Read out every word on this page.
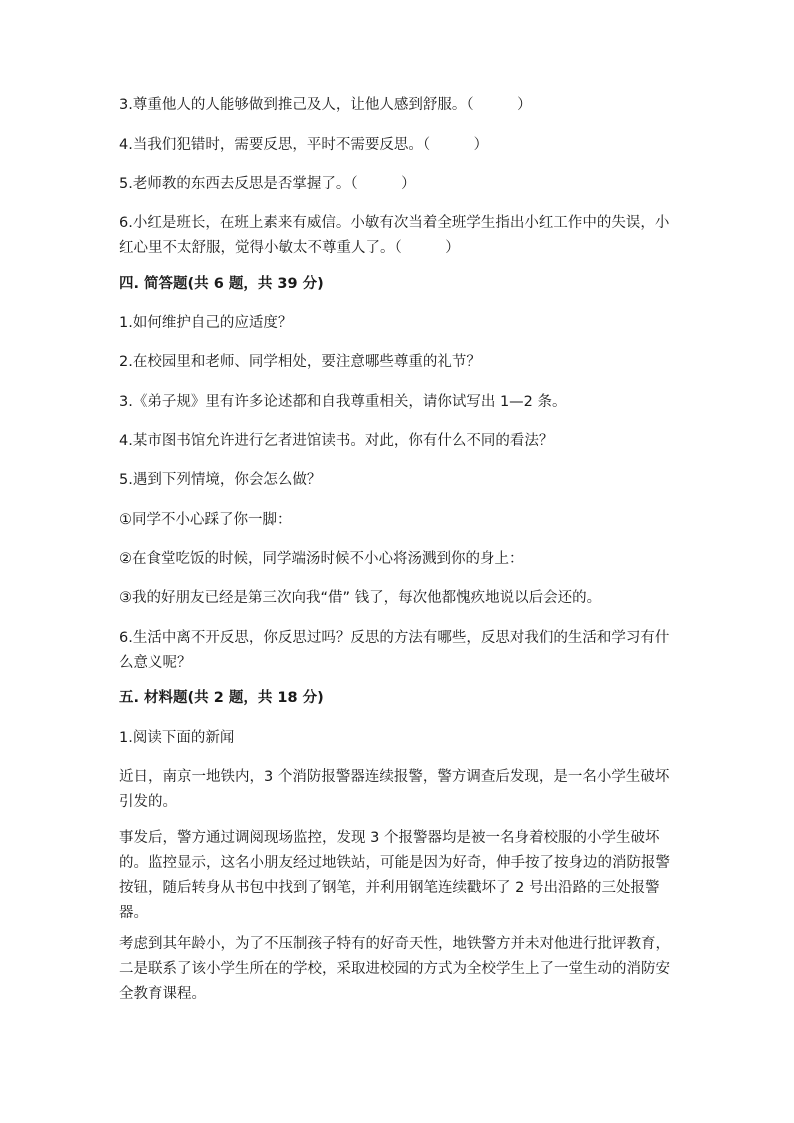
3.尊重他人的人能够做到推己及人，让他人感到舒服。（　　　）

4.当我们犯错时，需要反思，平时不需要反思。（　　　）

5.老师教的东西去反思是否掌握了。（　　　）

6.小红是班长，在班上素来有威信。小敏有次当着全班学生指出小红工作中的失误，小红心里不太舒服，觉得小敏太不尊重人了。（　　　）

四. 简答题(共 6 题，共 39 分)

1.如何维护自己的应适度？

2.在校园里和老师、同学相处，要注意哪些尊重的礼节？

3.《弟子规》里有许多论述都和自我尊重相关，请你试写出 1—2 条。

4.某市图书馆允许进行乞者进馆读书。对此，你有什么不同的看法？

5.遇到下列情境，你会怎么做？

①同学不小心踩了你一脚：

②在食堂吃饭的时候，同学端汤时候不小心将汤溅到你的身上：

③我的好朋友已经是第三次向我“借” 钱了，每次他都愧疚地说以后会还的。

6.生活中离不开反思，你反思过吗？反思的方法有哪些，反思对我们的生活和学习有什么意义呢？

五. 材料题(共 2 题，共 18 分)

1.阅读下面的新闻

近日，南京一地铁内，3 个消防报警器连续报警，警方调查后发现，是一名小学生破坏引发的。

事发后，警方通过调阅现场监控，发现 3 个报警器均是被一名身着校服的小学生破坏的。监控显示，这名小朋友经过地铁站，可能是因为好奇，伸手按了按身边的消防报警按钮，随后转身从书包中找到了钢笔，并利用钢笔连续戳坏了 2 号出沿路的三处报警器。

考虑到其年龄小，为了不压制孩子特有的好奇天性，地铁警方并未对他进行批评教育，二是联系了该小学生所在的学校，采取进校园的方式为全校学生上了一堂生动的消防安全教育课程。
